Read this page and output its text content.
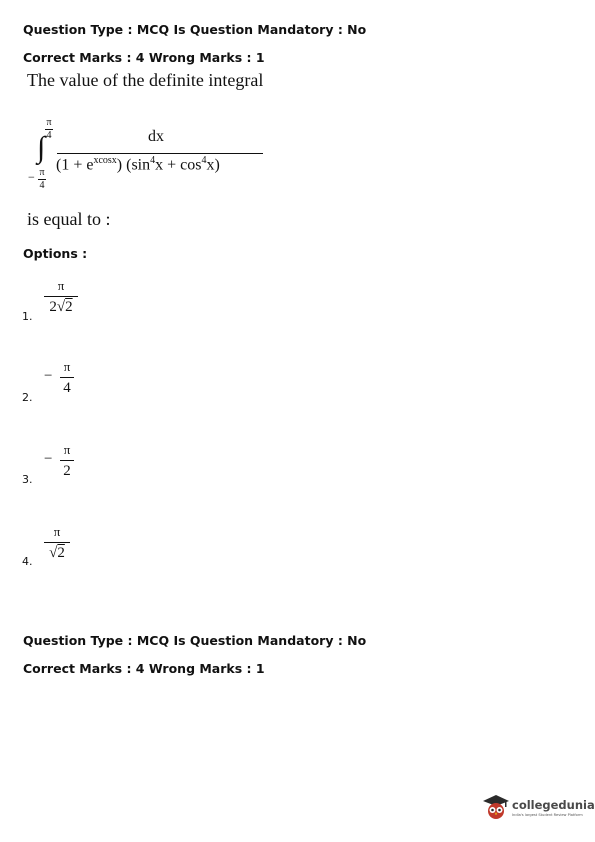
Question Type : MCQ Is Question Mandatory : No
Correct Marks : 4 Wrong Marks : 1
The value of the definite integral
π
4
∫
− π
4
dx
$(1 + e^{xcosx})$ $(\sin^4x + \cos^4x)$
is equal to :
Options :
1.
π
2√2
2.
−
π
4
3.
−
π
2
4.
π
√2
Question Type : MCQ Is Question Mandatory : No
Correct Marks : 4 Wrong Marks : 1
collegedunia
India's largest Student Review Platform
